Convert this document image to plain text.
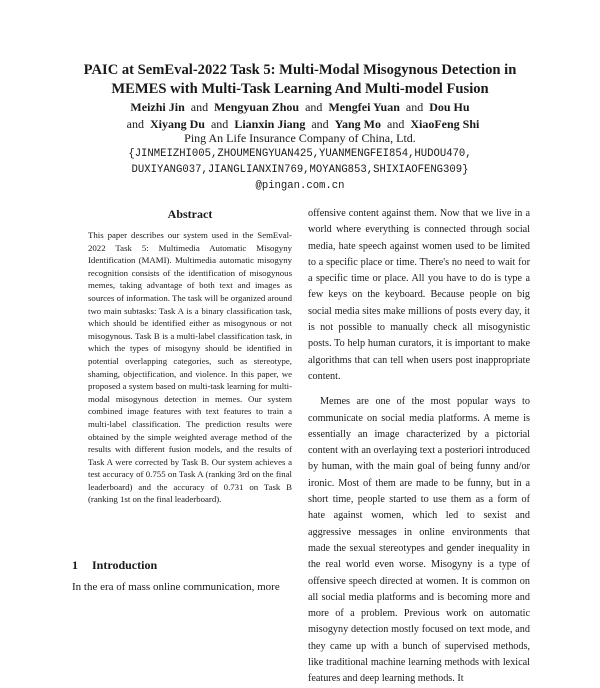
PAIC at SemEval-2022 Task 5: Multi-Modal Misogynous Detection in
MEMES with Multi-Task Learning And Multi-model Fusion
Meizhi Jin and Mengyuan Zhou and Mengfei Yuan and Dou Hu
and Xiyang Du and Lianxin Jiang and Yang Mo and XiaoFeng Shi
Ping An Life Insurance Company of China, Ltd.
{JINMEIZHI005,ZHOUMENGYUAN425,YUANMENGFEI854,HUDOU470,
DUXIYANG037,JIANGLIANXIN769,MOYANG853,SHIXIAOFENG309}
@pingan.com.cn
Abstract
This paper describes our system used in the SemEval-2022 Task 5: Multimedia Automatic Misogyny Identification (MAMI). Multimedia automatic misogyny recognition consists of the identification of misogynous memes, taking advantage of both text and images as sources of information. The task will be organized around two main subtasks: Task A is a binary classification task, which should be identified either as misogynous or not misogynous. Task B is a multi-label classification task, in which the types of misogyny should be identified in potential overlapping categories, such as stereotype, shaming, objectification, and violence. In this paper, we proposed a system based on multi-task learning for multi-modal misogynous detection in memes. Our system combined image features with text features to train a multi-label classification. The prediction results were obtained by the simple weighted average method of the results with different fusion models, and the results of Task A were corrected by Task B. Our system achieves a test accuracy of 0.755 on Task A (ranking 3rd on the final leaderboard) and the accuracy of 0.731 on Task B (ranking 1st on the final leaderboard).
1 Introduction
In the era of mass online communication, more

offensive content against them. Now that we live in a world where everything is connected through social media, hate speech against women used to be limited to a specific place or time. There's no need to wait for a specific time or place. All you have to do is type a few keys on the keyboard. Because people on big social media sites make millions of posts every day, it is not possible to manually check all misogynistic posts. To help human curators, it is important to make algorithms that can tell when users post inappropriate content.

Memes are one of the most popular ways to communicate on social media platforms. A meme is essentially an image characterized by a pictorial content with an overlaying text a posteriori introduced by human, with the main goal of being funny and/or ironic. Most of them are made to be funny, but in a short time, people started to use them as a form of hate against women, which led to sexist and aggressive messages in online environments that made the sexual stereotypes and gender inequality in the real world even worse. Misogyny is a type of offensive speech directed at women. It is common on all social media platforms and is becoming more and more of a problem. Previous work on automatic misogyny detection mostly focused on text mode, and they came up with a bunch of supervised methods, like traditional machine learning methods with lexical features and deep learning methods. It
